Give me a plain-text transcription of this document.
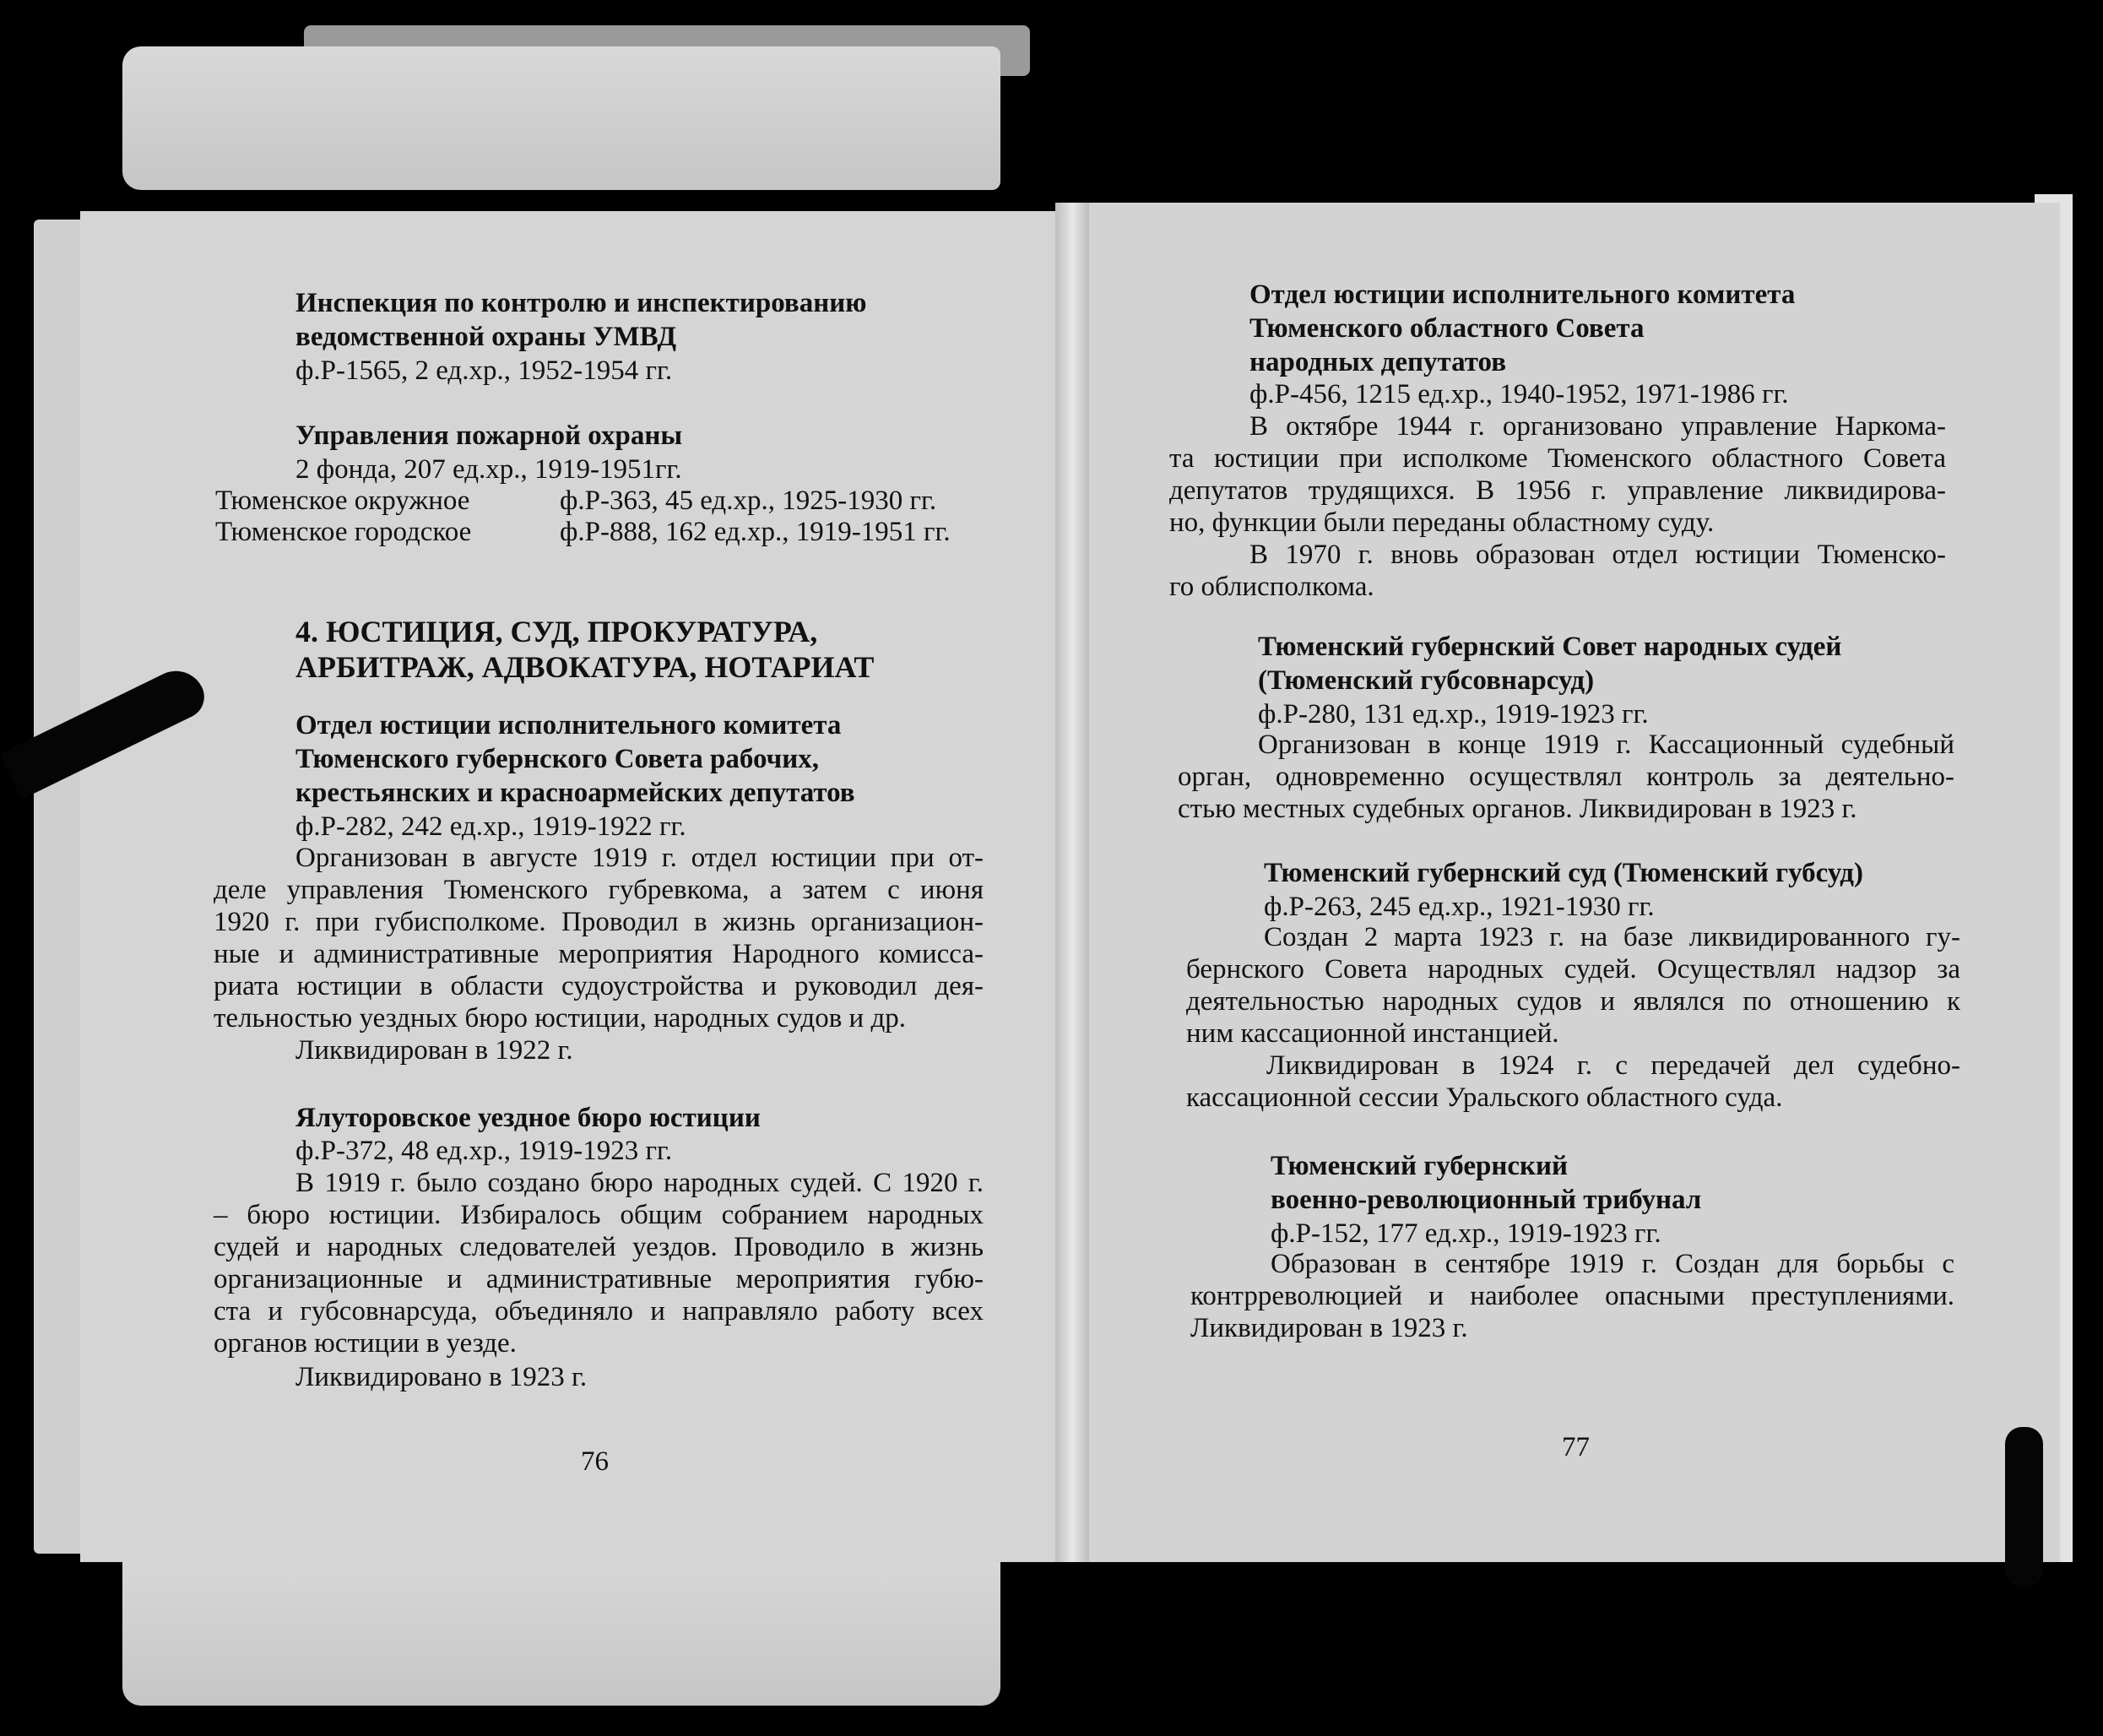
Инспекция по контролю и инспектированию
ведомственной охраны УМВД
ф.Р-1565, 2 ед.хр., 1952-1954 гг.
Управления пожарной охраны
2 фонда, 207 ед.хр., 1919-1951гг.
Тюменское окружное	ф.Р-363, 45 ед.хр., 1925-1930 гг.
Тюменское городское	ф.Р-888, 162 ед.хр., 1919-1951 гг.
4. ЮСТИЦИЯ, СУД, ПРОКУРАТУРА,
АРБИТРАЖ, АДВОКАТУРА, НОТАРИАТ
Отдел юстиции исполнительного комитета
Тюменского губернского Совета рабочих,
крестьянских и красноармейских депутатов
ф.Р-282, 242 ед.хр., 1919-1922 гг.
Организован в августе 1919 г. отдел юстиции при от-
деле управления Тюменского губревкома, а затем с июня
1920 г. при губисполкоме. Проводил в жизнь организацион-
ные и административные мероприятия Народного комисса-
риата юстиции в области судоустройства и руководил дея-
тельностью уездных бюро юстиции, народных судов и др.
Ликвидирован в 1922 г.
Ялуторовское уездное бюро юстиции
ф.Р-372, 48 ед.хр., 1919-1923 гг.
В 1919 г. было создано бюро народных судей. С 1920 г.
– бюро юстиции. Избиралось общим собранием народных
судей и народных следователей уездов. Проводило в жизнь
организационные и административные мероприятия губю-
ста и губсовнарсуда, объединяло и направляло работу всех
органов юстиции в уезде.
Ликвидировано в 1923 г.
76
Отдел юстиции исполнительного комитета
Тюменского областного Совета
народных депутатов
ф.Р-456, 1215 ед.хр., 1940-1952, 1971-1986 гг.
В октябре 1944 г. организовано управление Наркома-
та юстиции при исполкоме Тюменского областного Совета
депутатов трудящихся. В 1956 г. управление ликвидирова-
но, функции были переданы областному суду.
В 1970 г. вновь образован отдел юстиции Тюменско-
го облисполкома.
Тюменский губернский Совет народных судей
(Тюменский губсовнарсуд)
ф.Р-280, 131 ед.хр., 1919-1923 гг.
Организован в конце 1919 г. Кассационный судебный
орган, одновременно осуществлял контроль за деятельно-
стью местных судебных органов. Ликвидирован в 1923 г.
Тюменский губернский суд (Тюменский губсуд)
ф.Р-263, 245 ед.хр., 1921-1930 гг.
Создан 2 марта 1923 г. на базе ликвидированного гу-
бернского Совета народных судей. Осуществлял надзор за
деятельностью народных судов и являлся по отношению к
ним кассационной инстанцией.
Ликвидирован в 1924 г. с передачей дел судебно-
кассационной сессии Уральского областного суда.
Тюменский губернский
военно-революционный трибунал
ф.Р-152, 177 ед.хр., 1919-1923 гг.
Образован в сентябре 1919 г. Создан для борьбы с
контрреволюцией и наиболее опасными преступлениями.
Ликвидирован в 1923 г.
77
